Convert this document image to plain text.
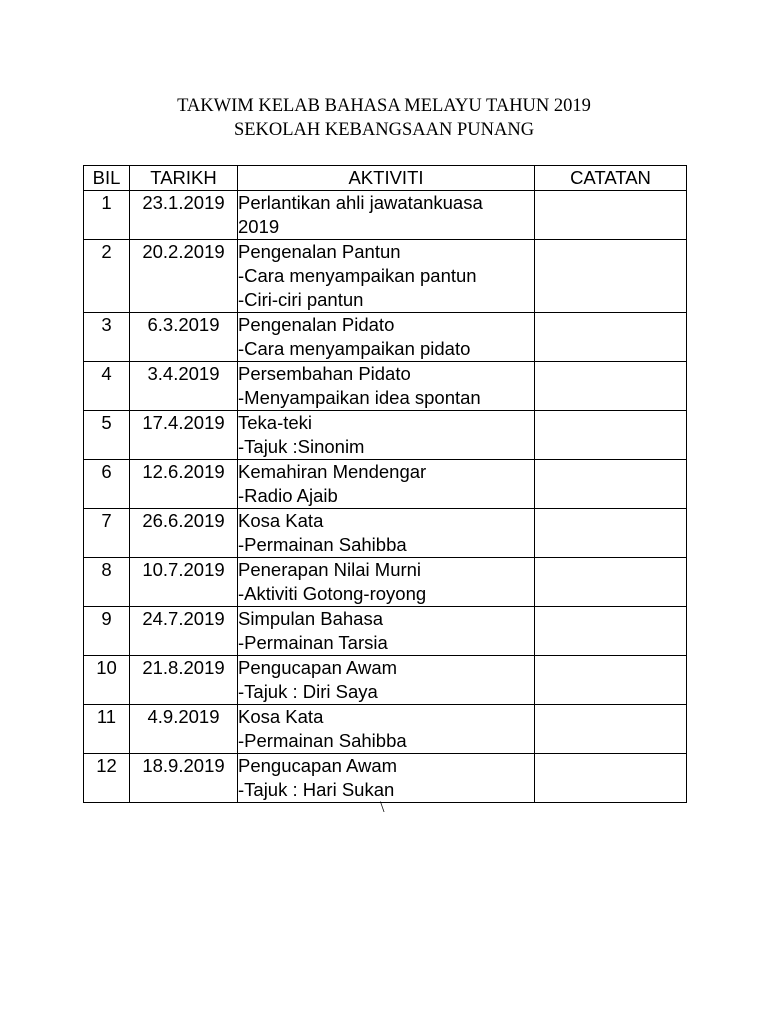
TAKWIM KELAB BAHASA MELAYU TAHUN 2019
SEKOLAH KEBANGSAAN PUNANG
BIL	TARIKH	AKTIVITI	CATATAN
1	23.1.2019	Perlantikan ahli jawatankuasa
2019	

2	20.2.2019	Pengenalan Pantun
-Cara menyampaikan pantun
-Ciri-ciri pantun	

3	6.3.2019	Pengenalan Pidato
-Cara menyampaikan pidato	

4	3.4.2019	Persembahan Pidato
-Menyampaikan idea spontan	

5	17.4.2019	Teka-teki
-Tajuk :Sinonim	

6	12.6.2019	Kemahiran Mendengar
-Radio Ajaib	

7	26.6.2019	Kosa Kata
-Permainan Sahibba	

8	10.7.2019	Penerapan Nilai Murni
-Aktiviti Gotong-royong	

9	24.7.2019	Simpulan Bahasa
-Permainan Tarsia	

10	21.8.2019	Pengucapan Awam
-Tajuk : Diri Saya	

11	4.9.2019	Kosa Kata
-Permainan Sahibba	

12	18.9.2019	Pengucapan Awam
-Tajuk : Hari Sukan	

\
